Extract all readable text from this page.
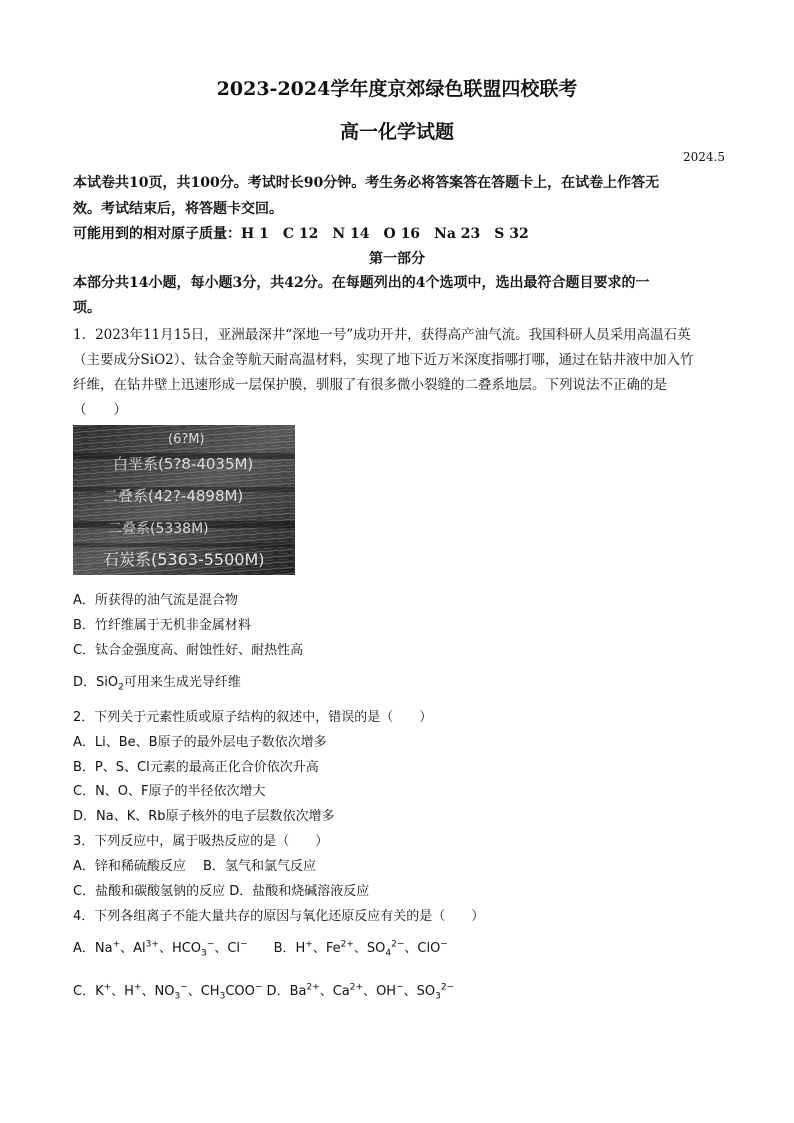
2023-2024学年度京郊绿色联盟四校联考
高一化学试题
2024.5
本试卷共10页，共100分。考试时长90分钟。考生务必将答案答在答题卡上，在试卷上作答无
效。考试结束后，将答题卡交回。
可能用到的相对原子质量：H 1　C 12　N 14　O 16　Na 23　S 32
第一部分
本部分共14小题，每小题3分，共42分。在每题列出的4个选项中，选出最符合题目要求的一
项。
1．2023年11月15日，亚洲最深井“深地一号”成功开井，获得高产油气流。我国科研人员采用高温石英
（主要成分SiO2）、钛合金等航天耐高温材料，实现了地下近万米深度指哪打哪，通过在钻井液中加入竹
纤维，在钻井壁上迅速形成一层保护膜，驯服了有很多微小裂缝的二叠系地层。下列说法不正确的是
（　　）
(6?M)
白垩系(5?8-4035M)
二叠系(42?-4898M)
二叠系(5338M)
石炭系(5363-5500M)
A．所获得的油气流是混合物
B．竹纤维属于无机非金属材料
C．钛合金强度高、耐蚀性好、耐热性高
D．SiO$_2$可用来生成光导纤维
2．下列关于元素性质或原子结构的叙述中，错误的是（　　）
A．Li、Be、B原子的最外层电子数依次增多
B．P、S、Cl元素的最高正化合价依次升高
C．N、O、F原子的半径依次增大
D．Na、K、Rb原子核外的电子层数依次增多
3．下列反应中，属于吸热反应的是（　　）
A．锌和稀硫酸反应　 B．氢气和氯气反应
C．盐酸和碳酸氢钠的反应 D．盐酸和烧碱溶液反应
4．下列各组离子不能大量共存的原因与氧化还原反应有关的是（　　）
A．Na+、$Al^{3+}$、$HCO_3^-$、Cl−　　B．H+、$Fe^{2+}$、$SO_4^{2-}$、ClO−
C．K+、H+、$NO_3^-$、$CH_3COO^-$ D．$Ba^{2+}$、$Ca^{2+}$、OH−、$SO_3^{2-}$
